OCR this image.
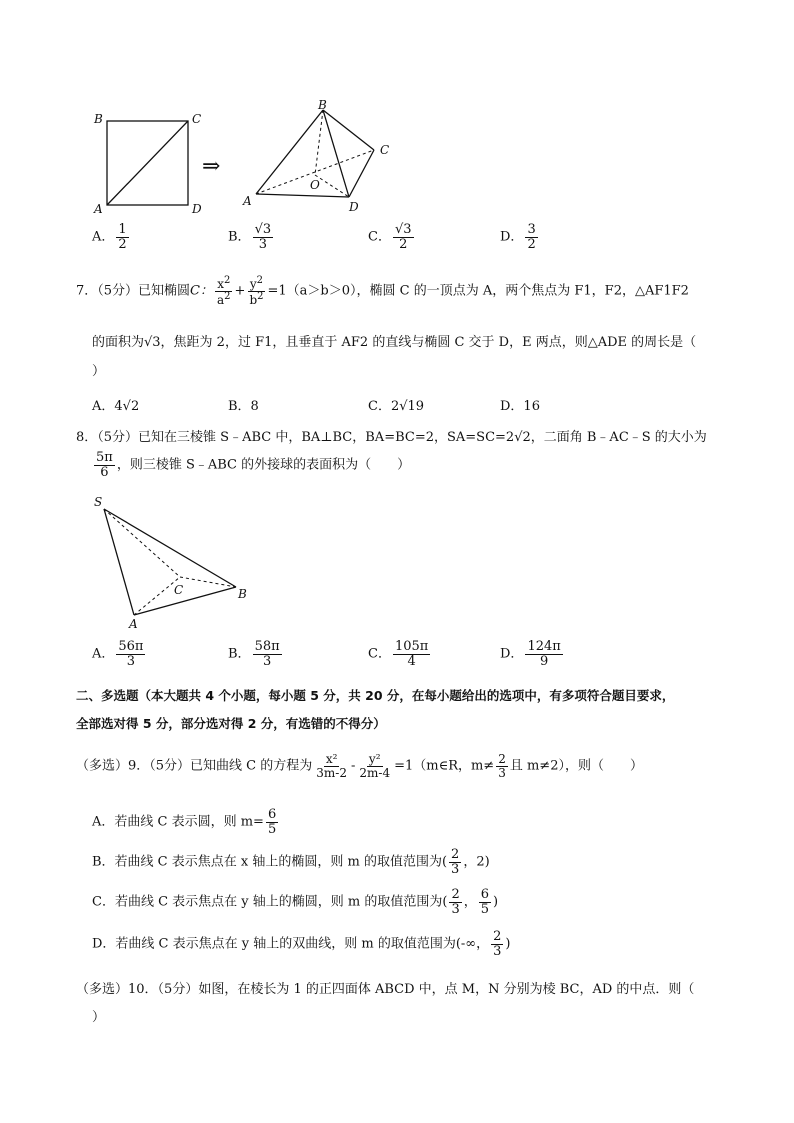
B	C
A	D
⇒
B
C
O
A	D
A． $\frac{1}{2}$	B． $\frac{√3}{3}$	C． $\frac{√3}{2}$	D． $\frac{3}{2}$
7．（5分）已知椭圆C： $\frac{x^2}{a^2} + \frac{y^2}{b^2} =1(a>b>0)$，椭圆 C 的一顶点为 A，两个焦点为 F1，F2，△AF1F2
的面积为√3，焦距为 2，过 F1，且垂直于 AF2 的直线与椭圆 C 交于 D，E 两点，则△ADE 的周长是（
）
A．4√2	B．8	C．2√19	D．16
8．（5分）已知在三棱锥 S﹣ABC 中，BA⊥BC，BA=BC=2，SA=SC=2√2，二面角 B﹣AC﹣S 的大小为
$\frac{5\pi}{6}$ ，则三棱锥 S﹣ABC 的外接球的表面积为（　　）
S
C	B
A
A． $\frac{56\pi}{3}$	B． $\frac{58\pi}{3}$	C． $\frac{105\pi}{4}$	D． $\frac{124\pi}{9}$
二、多选题（本大题共 4 个小题，每小题 5 分，共 20 分，在每小题给出的选项中，有多项符合题目要求，
全部选对得 5 分，部分选对得 2 分，有选错的不得分）
（多选）9．（5分）已知曲线 C 的方程为 $\frac{\text{x²}}{3m-2} - \frac{\text{y²}}{2m-4}$ =1（m∈R，$m\ne \frac{2}{3}$ 且 m≠2），则（　　）
A．若曲线 C 表示圆，则 $m= \frac{6}{5}$
B．若曲线 C 表示焦点在 x 轴上的椭圆，则 m 的取值范围为( $\frac{2}{3}$ ，2)
C．若曲线 C 表示焦点在 y 轴上的椭圆，则 m 的取值范围为( $\frac{2}{3}$ ， $\frac{6}{5}$ )
D．若曲线 C 表示焦点在 y 轴上的双曲线，则 m 的取值范围为(-∞， $\frac{2}{3}$ )
（多选）10．（5分）如图，在棱长为 1 的正四面体 ABCD 中，点 M，N 分别为棱 BC，AD 的中点．则（
）
